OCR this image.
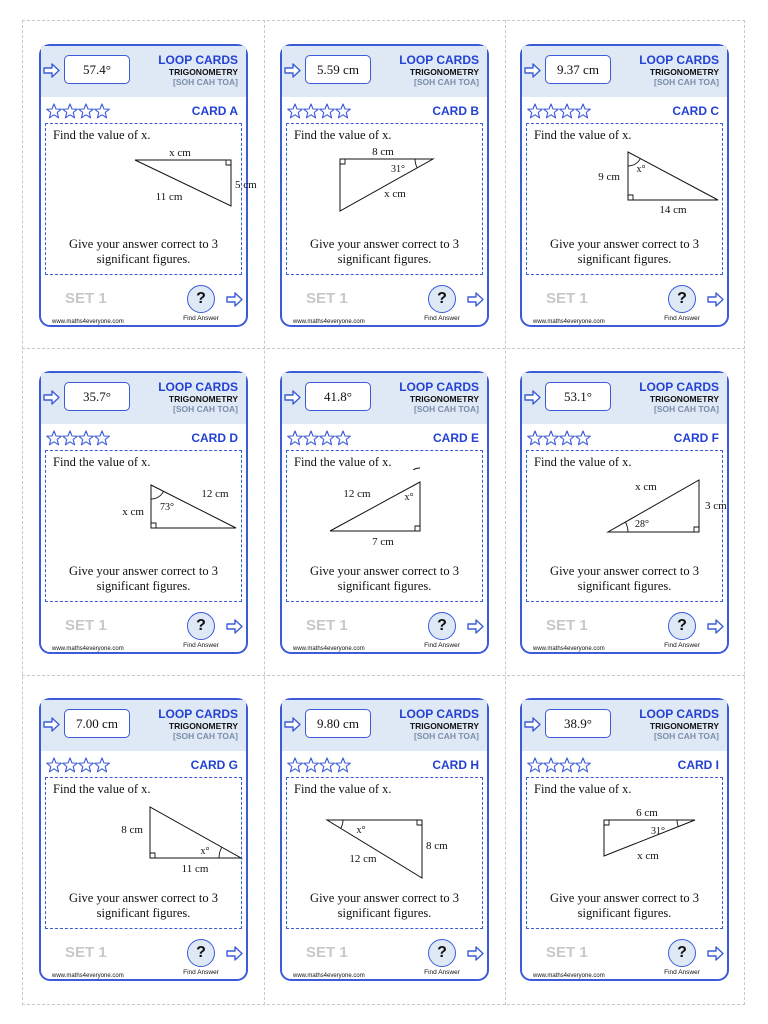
57.4°
LOOP CARDS
TRIGONOMETRY
[SOH CAH TOA]
CARD A
Find the value of x.
x cm
5 cm
11 cm
Give your answer correct to 3
significant figures.
SET 1	?
Find Answer
www.maths4everyone.com
5.59 cm
LOOP CARDS
TRIGONOMETRY
[SOH CAH TOA]
CARD B
Find the value of x.
8 cm
31°
x cm
Give your answer correct to 3
significant figures.
SET 1	?
Find Answer
www.maths4everyone.com
9.37 cm
LOOP CARDS
TRIGONOMETRY
[SOH CAH TOA]
CARD C
Find the value of x.
9 cm
x°
14 cm
Give your answer correct to 3
significant figures.
SET 1	?
Find Answer
www.maths4everyone.com
35.7°
LOOP CARDS
TRIGONOMETRY
[SOH CAH TOA]
CARD D
Find the value of x.
x cm 73°
12 cm
Give your answer correct to 3
significant figures.
SET 1	?
Find Answer
www.maths4everyone.com
41.8°
LOOP CARDS
TRIGONOMETRY
[SOH CAH TOA]
CARD E
Find the value of x.
12 cm	x°
7 cm
Give your answer correct to 3
significant figures.
SET 1	?
Find Answer
www.maths4everyone.com
53.1°
LOOP CARDS
TRIGONOMETRY
[SOH CAH TOA]
CARD F
Find the value of x.
x cm
3 cm
28°
Give your answer correct to 3
significant figures.
SET 1	?
Find Answer
www.maths4everyone.com
7.00 cm
LOOP CARDS
TRIGONOMETRY
[SOH CAH TOA]
CARD G
Find the value of x.
8 cm
x°
11 cm
Give your answer correct to 3
significant figures.
SET 1	?
Find Answer
www.maths4everyone.com
9.80 cm
LOOP CARDS
TRIGONOMETRY
[SOH CAH TOA]
CARD H
Find the value of x.
x°
8 cm
12 cm
Give your answer correct to 3
significant figures.
SET 1	?
Find Answer
www.maths4everyone.com
38.9°
LOOP CARDS
TRIGONOMETRY
[SOH CAH TOA]
CARD I
Find the value of x.
6 cm
31°
x cm
Give your answer correct to 3
significant figures.
SET 1	?
Find Answer
www.maths4everyone.com
